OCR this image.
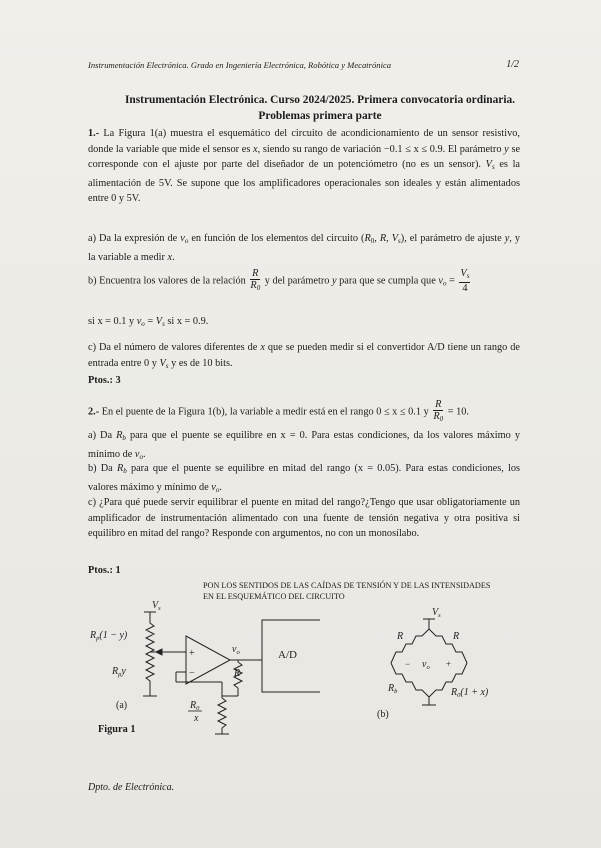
Instrumentación Electrónica. Grado en Ingeniería Electrónica, Robótica y Mecatrónica	1/2
Instrumentación Electrónica. Curso 2024/2025. Primera convocatoria ordinaria.
Problemas primera parte
1.- La Figura 1(a) muestra el esquemático del circuito de acondicionamiento de un sensor resistivo, donde la variable que mide el sensor es x, siendo su rango de variación −0.1 ≤ x ≤ 0.9. El parámetro y se corresponde con el ajuste por parte del diseñador de un potenciómetro (no es un sensor). $V_s$ es la alimentación de 5V. Se supone que los amplificadores operacionales son ideales y están alimentados entre 0 y 5V.
a) Da la expresión de $v_o$ en función de los elementos del circuito ($R_0$, R, $V_s$), el parámetro de ajuste y, y la variable a medir x.
b) Encuentra los valores de la relación $\frac{R}{R_0}$ y del parámetro y para que se cumpla que $v_o = \frac{V_s}{4}$
si x = 0.1 y $v_o = V_s$ si x = 0.9.
c) Da el número de valores diferentes de x que se pueden medir si el convertidor A/D tiene un rango de entrada entre 0 y $V_s$ y es de 10 bits.
Ptos.: 3
2.- En el puente de la Figura 1(b), la variable a medir está en el rango 0 ≤ x ≤ 0.1 y $\frac{R}{R_0} = 10$.
a) Da $R_b$ para que el puente se equilibre en x = 0. Para estas condiciones, da los valores máximo y mínimo de $v_o$.
b) Da $R_b$ para que el puente se equilibre en mitad del rango (x = 0.05). Para estas condiciones, los valores máximo y mínimo de $v_o$.
c) ¿Para qué puede servir equilibrar el puente en mitad del rango?¿Tengo que usar obligatoriamente un amplificador de instrumentación alimentado con una fuente de tensión negativa y otra positiva si equilibro en mitad del rango? Responde con argumentos, no con un monosílabo.
Ptos.: 1
PON LOS SENTIDOS DE LAS CAÍDAS DE TENSIÓN Y DE LAS INTENSIDADES
EN EL ESQUEMÁTICO DEL CIRCUITO
$V_s$
$R_p(1 - y)$
$R_py$
+
−
$v_o$
R
A/D
$R_0$
x
(a)
Figura 1
$V_s$
R	R
$R_b$	$R_0(1 + x)$
$v_o$
−	+
(b)
Dpto. de Electrónica.
